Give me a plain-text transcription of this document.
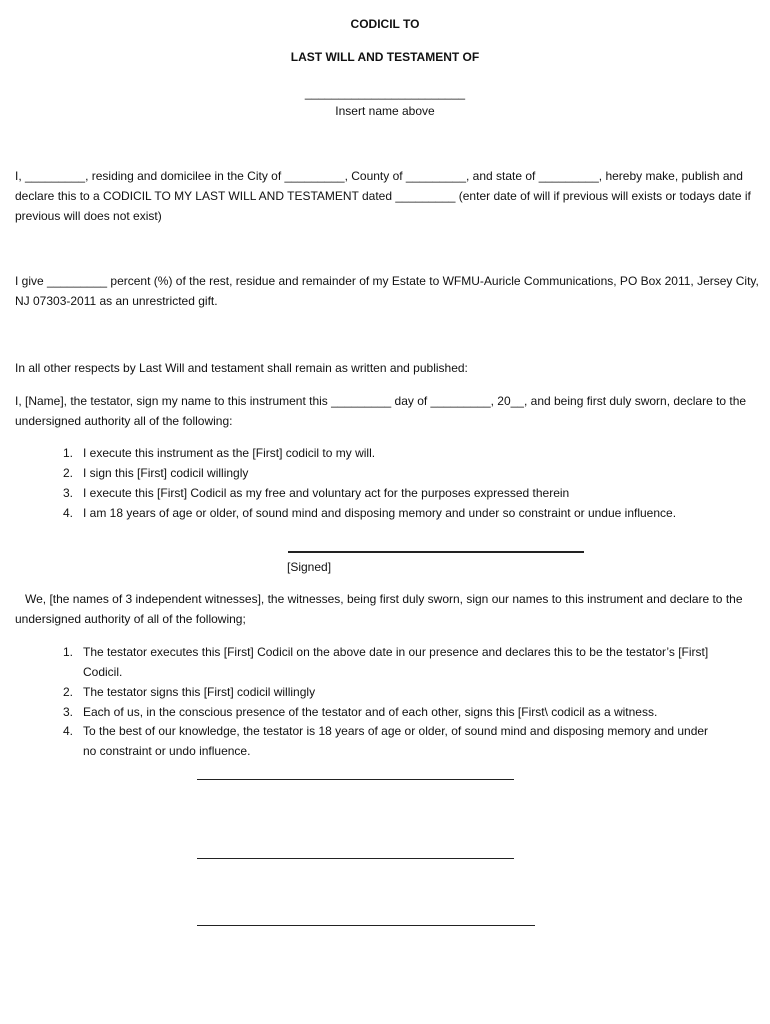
CODICIL TO
LAST WILL AND TESTAMENT OF
________________________
Insert name above
I, _________, residing and domicilee in the City of _________, County of _________, and state of _________, hereby make, publish and declare this to a CODICIL TO MY LAST WILL AND TESTAMENT dated _________ (enter date of will if previous will exists or todays date if previous will does not exist)
I give _________ percent (%) of the rest, residue and remainder of my Estate to WFMU-Auricle Communications, PO Box 2011, Jersey City, NJ 07303-2011 as an unrestricted gift.
In all other respects by Last Will and testament shall remain as written and published:
I, [Name], the testator, sign my name to this instrument this _________ day of _________, 20__, and being first duly sworn, declare to the undersigned authority all of the following:
1. I execute this instrument as the [First] codicil to my will.
2. I sign this [First] codicil willingly
3. I execute this [First] Codicil as my free and voluntary act for the purposes expressed therein
4. I am 18 years of age or older, of sound mind and disposing memory and under so constraint or undue influence.
[Signed]
We, [the names of 3 independent witnesses], the witnesses, being first duly sworn, sign our names to this instrument and declare to the undersigned authority of all of the following;
1. The testator executes this [First] Codicil on the above date in our presence and declares this to be the testator’s [First]
Codicil.
2. The testator signs this [First] codicil willingly
3. Each of us, in the conscious presence of the testator and of each other, signs this [First\ codicil as a witness.
4. To the best of our knowledge, the testator is 18 years of age or older, of sound mind and disposing memory and under
no constraint or undo influence.
